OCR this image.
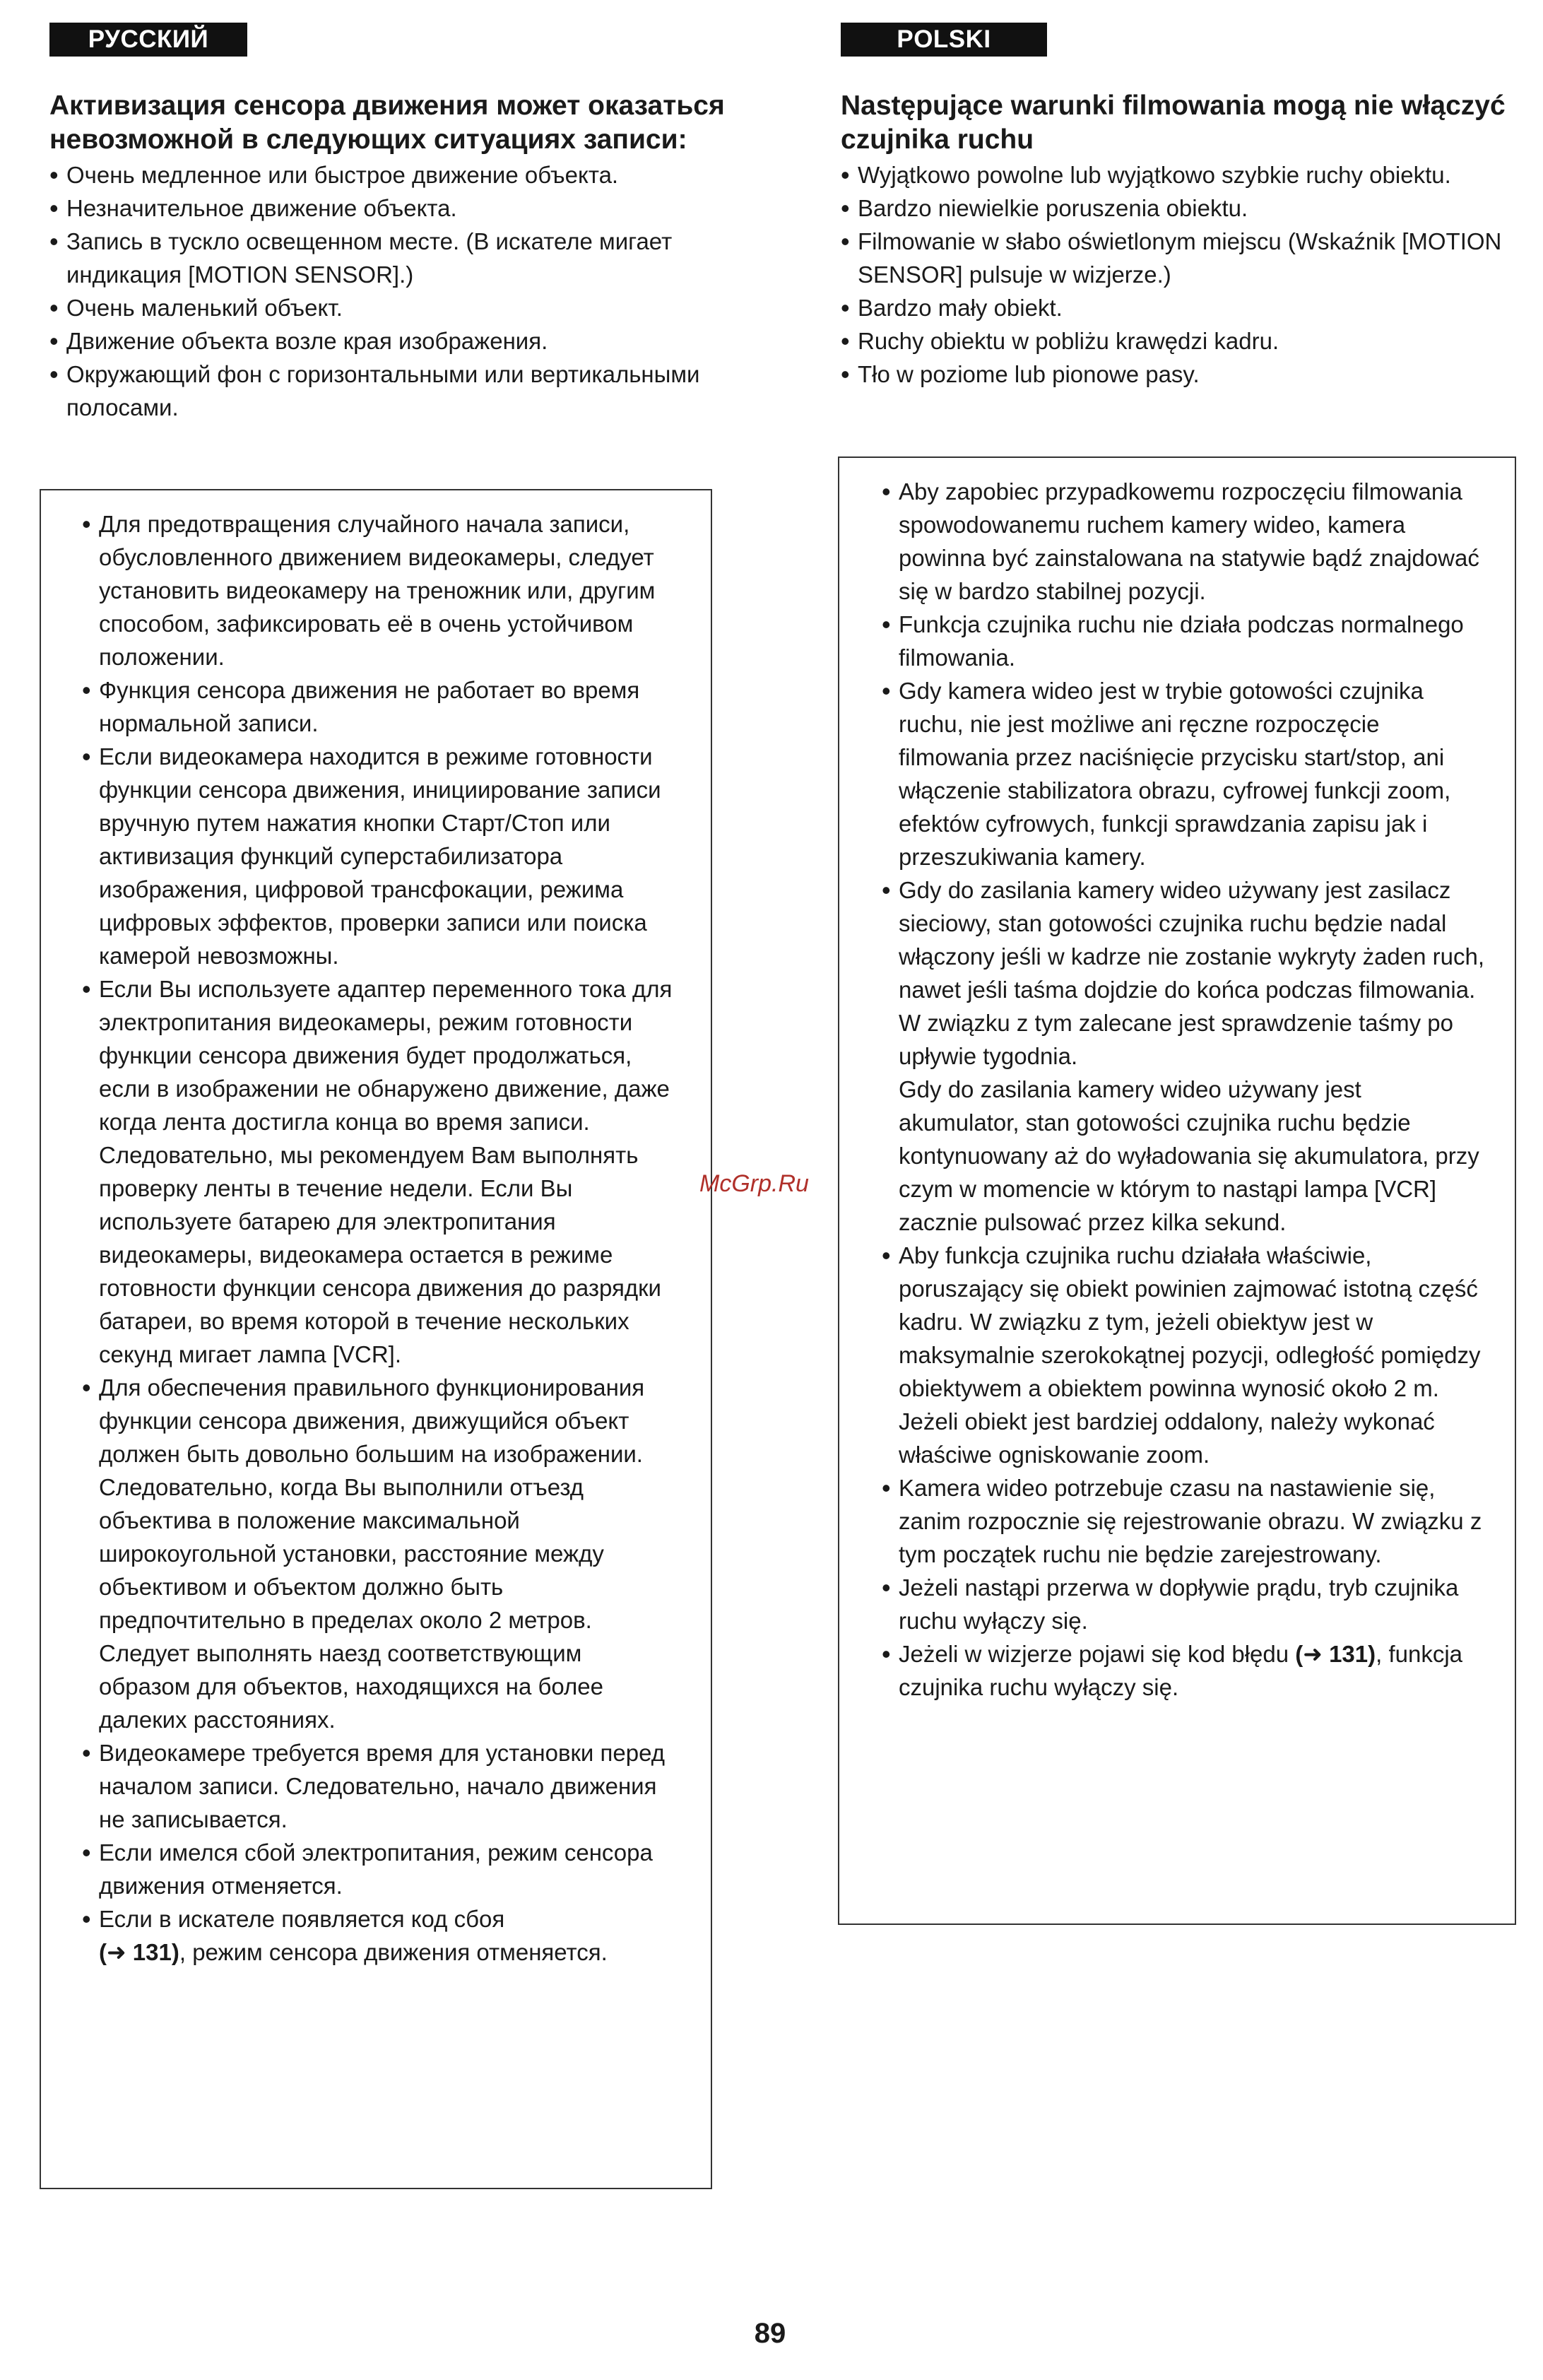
РУССКИЙ ЯЗЫК
POLSKI
Активизация сенсора движения может оказаться невозможной в следующих ситуациях записи:
• Очень медленное или быстрое движение объекта.
• Незначительное движение объекта.
• Запись в тускло освещенном месте. (В искателе мигает индикация [MOTION SENSOR].)
• Очень маленький объект.
• Движение объекта возле края изображения.
• Окружающий фон с горизонтальными или вертикальными полосами.
• Для предотвращения случайного начала записи, обусловленного движением видеокамеры, следует установить видеокамеру на треножник или, другим способом, зафиксировать её в очень устойчивом положении.
• Функция сенсора движения не работает во время нормальной записи.
• Если видеокамера находится в режиме готовности функции сенсора движения, инициирование записи вручную путем нажатия кнопки Старт/Стоп или активизация функций суперстабилизатора изображения, цифровой трансфокации, режима цифровых эффектов, проверки записи или поиска камерой невозможны.
• Если Вы используете адаптер переменного тока для электропитания видеокамеры, режим готовности функции сенсора движения будет продолжаться, если в изображении не обнаружено движение, даже когда лента достигла конца во время записи. Следовательно, мы рекомендуем Вам выполнять проверку ленты в течение недели. Если Вы используете батарею для электропитания видеокамеры, видеокамера остается в режиме готовности функции сенсора движения до разрядки батареи, во время которой в течение нескольких секунд мигает лампа [VCR].
• Для обеспечения правильного функционирования функции сенсора движения, движущийся объект должен быть довольно большим на изображении. Следовательно, когда Вы выполнили отъезд объектива в положение максимальной широкоугольной установки, расстояние между объективом и объектом должно быть предпочтительно в пределах около 2 метров. Следует выполнять наезд соответствующим образом для объектов, находящихся на более далеких расстояниях.
• Видеокамере требуется время для установки перед началом записи. Следовательно, начало движения не записывается.
• Если имелся сбой электропитания, режим сенсора движения отменяется.
• Если в искателе появляется код сбоя
(➜ 131), режим сенсора движения отменяется.
Następujące warunki filmowania mogą nie włączyć czujnika ruchu
• Wyjątkowo powolne lub wyjątkowo szybkie ruchy obiektu.
• Bardzo niewielkie poruszenia obiektu.
• Filmowanie w słabo oświetlonym miejscu (Wskaźnik [MOTION SENSOR] pulsuje w wizjerze.)
• Bardzo mały obiekt.
• Ruchy obiektu w pobliżu krawędzi kadru.
• Tło w poziome lub pionowe pasy.
• Aby zapobiec przypadkowemu rozpoczęciu filmowania spowodowanemu ruchem kamery wideo, kamera powinna być zainstalowana na statywie bądź znajdować się w bardzo stabilnej pozycji.
• Funkcja czujnika ruchu nie działa podczas normalnego filmowania.
• Gdy kamera wideo jest w trybie gotowości czujnika ruchu, nie jest możliwe ani ręczne rozpoczęcie filmowania przez naciśnięcie przycisku start/stop, ani włączenie stabilizatora obrazu, cyfrowej funkcji zoom, efektów cyfrowych, funkcji sprawdzania zapisu jak i przeszukiwania kamery.
• Gdy do zasilania kamery wideo używany jest zasilacz sieciowy, stan gotowości czujnika ruchu będzie nadal włączony jeśli w kadrze nie zostanie wykryty żaden ruch, nawet jeśli taśma dojdzie do końca podczas filmowania. W związku z tym zalecane jest sprawdzenie taśmy po upływie tygodnia.
Gdy do zasilania kamery wideo używany jest akumulator, stan gotowości czujnika ruchu będzie kontynuowany aż do wyładowania się akumulatora, przy czym w momencie w którym to nastąpi lampa [VCR] zacznie pulsować przez kilka sekund.
• Aby funkcja czujnika ruchu działała właściwie, poruszający się obiekt powinien zajmować istotną część kadru. W związku z tym, jeżeli obiektyw jest w maksymalnie szerokokątnej pozycji, odległość pomiędzy obiektywem a obiektem powinna wynosić około 2 m. Jeżeli obiekt jest bardziej oddalony, należy wykonać właściwe ogniskowanie zoom.
• Kamera wideo potrzebuje czasu na nastawienie się, zanim rozpocznie się rejestrowanie obrazu. W związku z tym początek ruchu nie będzie zarejestrowany.
• Jeżeli nastąpi przerwa w dopływie prądu, tryb czujnika ruchu wyłączy się.
• Jeżeli w wizjerze pojawi się kod błędu (➜ 131), funkcja czujnika ruchu wyłączy się.
McGrp.Ru
89
